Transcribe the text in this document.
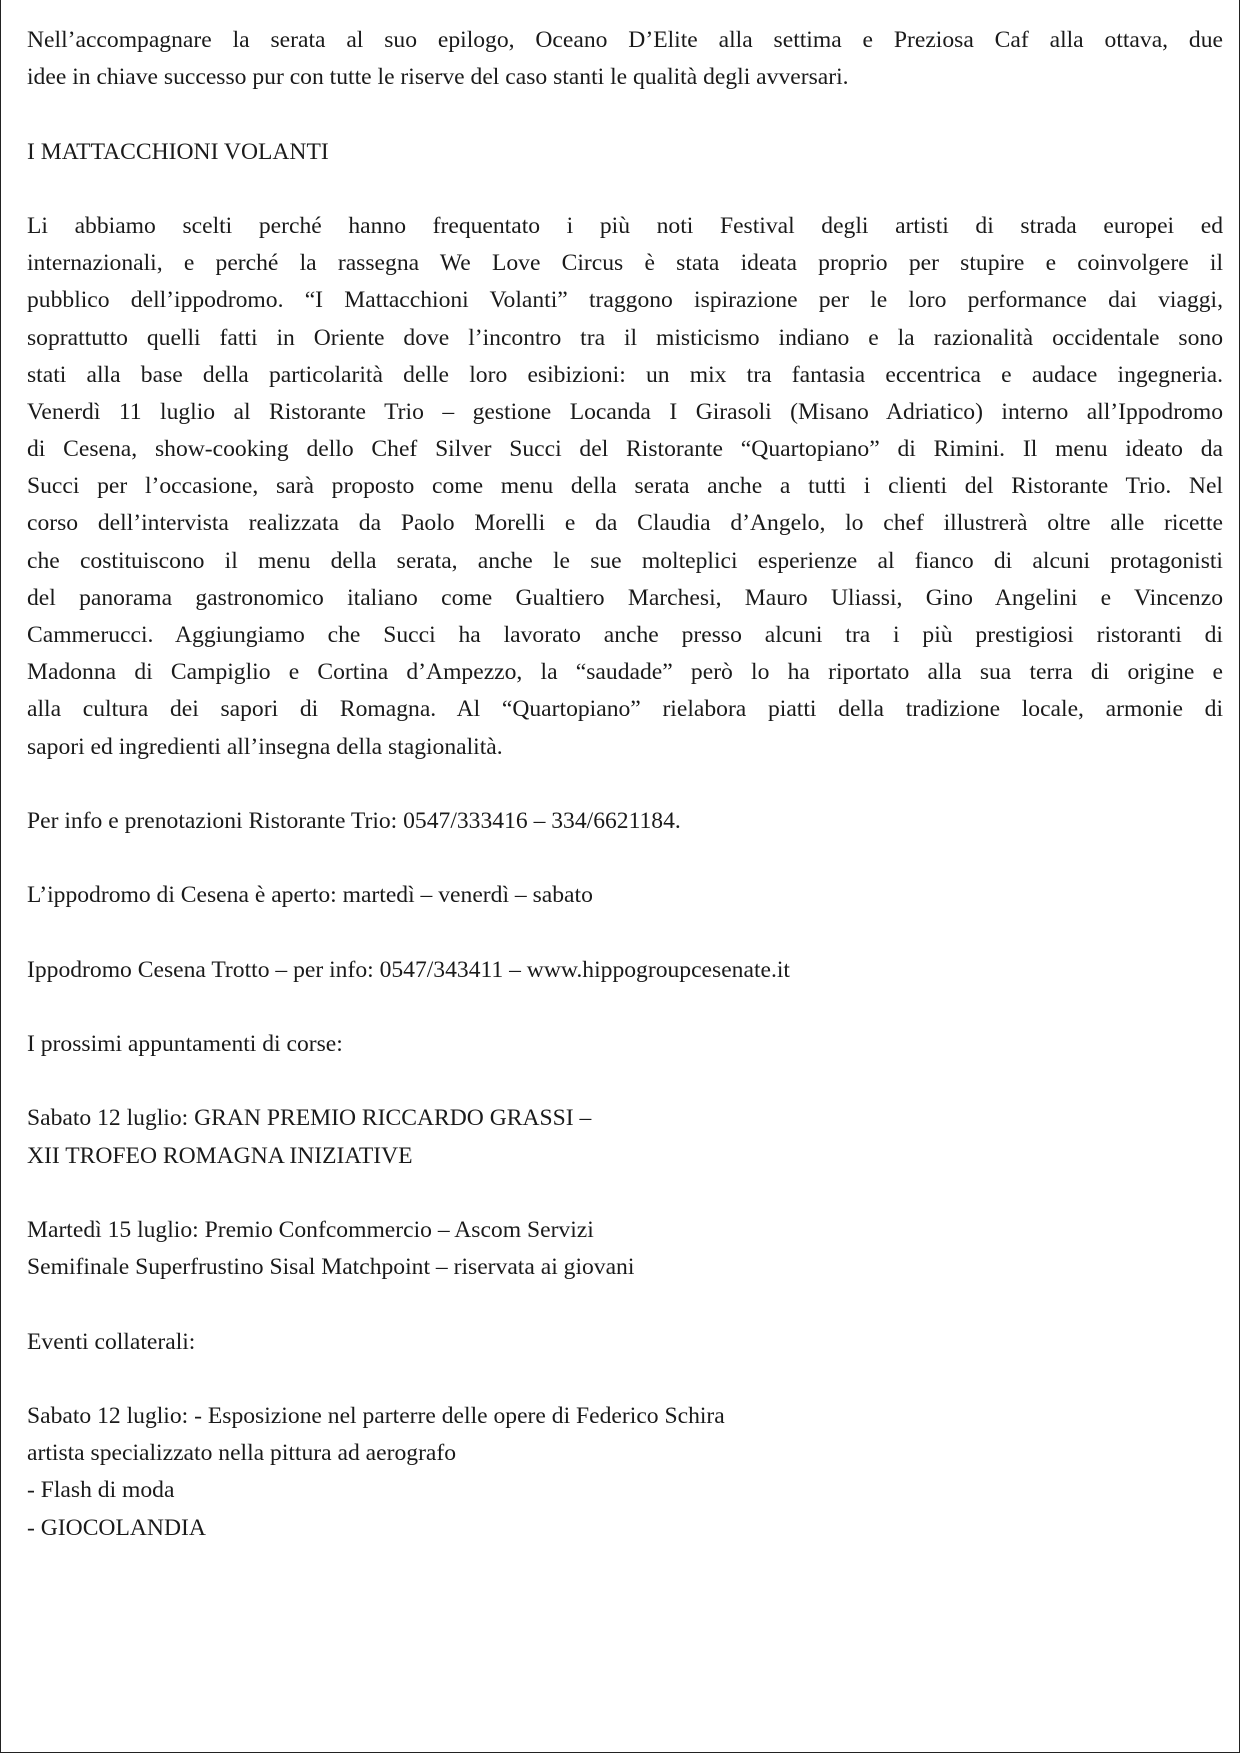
Nell’accompagnare la serata al suo epilogo, Oceano D’Elite alla settima e Preziosa Caf alla ottava, due
idee in chiave successo pur con tutte le riserve del caso stanti le qualità degli avversari.
I MATTACCHIONI VOLANTI
Li abbiamo scelti perché hanno frequentato i più noti Festival degli artisti di strada europei ed
internazionali, e perché la rassegna We Love Circus è stata ideata proprio per stupire e coinvolgere il
pubblico dell’ippodromo. “I Mattacchioni Volanti” traggono ispirazione per le loro performance dai viaggi,
soprattutto quelli fatti in Oriente dove l’incontro tra il misticismo indiano e la razionalità occidentale sono
stati alla base della particolarità delle loro esibizioni: un mix tra fantasia eccentrica e audace ingegneria.
Venerdì 11 luglio al Ristorante Trio – gestione Locanda I Girasoli (Misano Adriatico) interno all’Ippodromo
di Cesena, show-cooking dello Chef Silver Succi del Ristorante “Quartopiano” di Rimini. Il menu ideato da
Succi per l’occasione, sarà proposto come menu della serata anche a tutti i clienti del Ristorante Trio. Nel
corso dell’intervista realizzata da Paolo Morelli e da Claudia d’Angelo, lo chef illustrerà oltre alle ricette
che costituiscono il menu della serata, anche le sue molteplici esperienze al fianco di alcuni protagonisti
del panorama gastronomico italiano come Gualtiero Marchesi, Mauro Uliassi, Gino Angelini e Vincenzo
Cammerucci. Aggiungiamo che Succi ha lavorato anche presso alcuni tra i più prestigiosi ristoranti di
Madonna di Campiglio e Cortina d’Ampezzo, la “saudade” però lo ha riportato alla sua terra di origine e
alla cultura dei sapori di Romagna. Al “Quartopiano” rielabora piatti della tradizione locale, armonie di
sapori ed ingredienti all’insegna della stagionalità.
Per info e prenotazioni Ristorante Trio: 0547/333416 – 334/6621184.
L’ippodromo di Cesena è aperto: martedì – venerdì – sabato
Ippodromo Cesena Trotto – per info: 0547/343411 – www.hippogroupcesenate.it
I prossimi appuntamenti di corse:
Sabato 12 luglio: GRAN PREMIO RICCARDO GRASSI –
XII TROFEO ROMAGNA INIZIATIVE
Martedì 15 luglio: Premio Confcommercio – Ascom Servizi
Semifinale Superfrustino Sisal Matchpoint – riservata ai giovani
Eventi collaterali:
Sabato 12 luglio: - Esposizione nel parterre delle opere di Federico Schira
artista specializzato nella pittura ad aerografo
- Flash di moda
- GIOCOLANDIA
